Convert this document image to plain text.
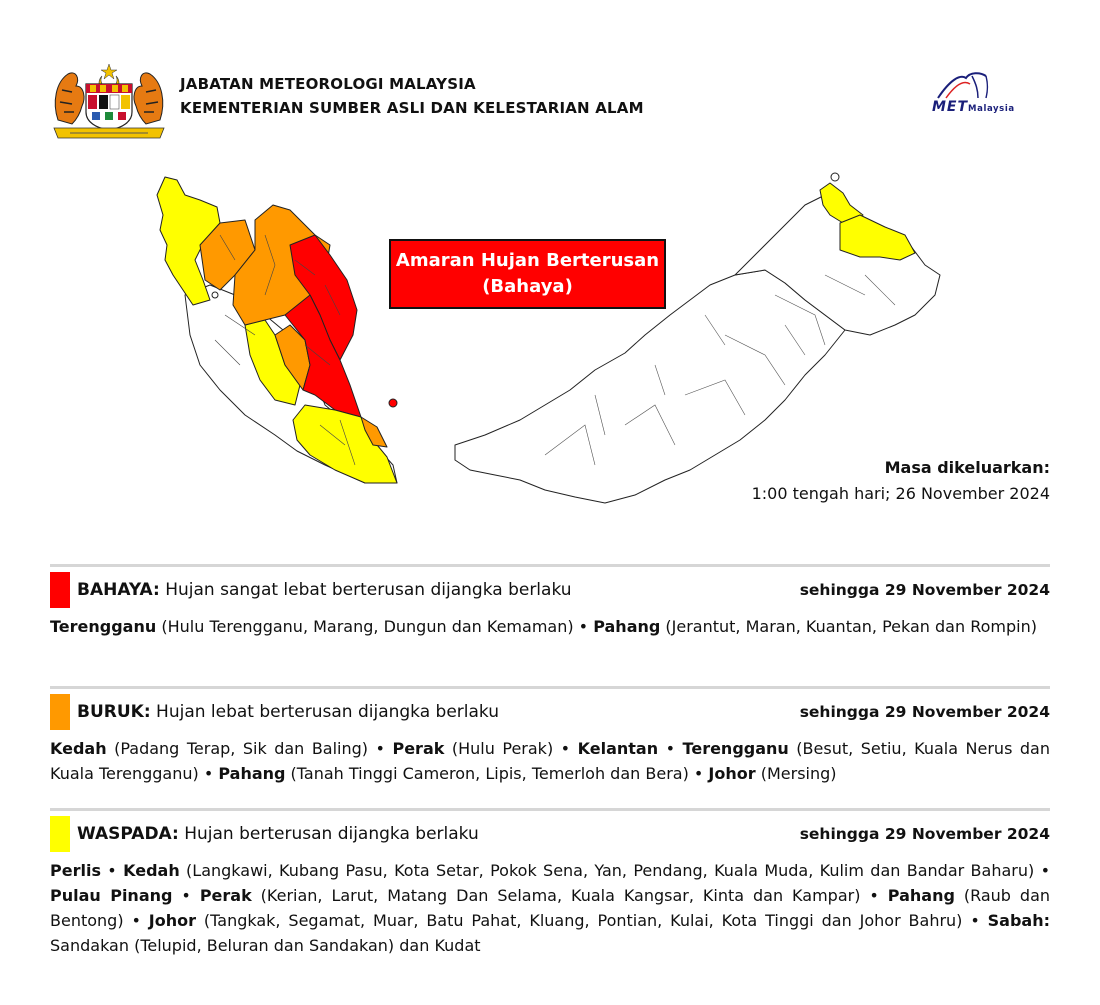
JABATAN METEOROLOGI MALAYSIA
KEMENTERIAN SUMBER ASLI DAN KELESTARIAN ALAM	METMalaysia
Amaran Hujan Berterusan
(Bahaya)
Masa dikeluarkan:
1:00 tengah hari; 26 November 2024
BAHAYA: Hujan sangat lebat berterusan dijangka berlaku	sehingga 29 November 2024
Terengganu (Hulu Terengganu, Marang, Dungun dan Kemaman) • Pahang (Jerantut, Maran, Kuantan, Pekan dan Rompin)
BURUK: Hujan lebat berterusan dijangka berlaku	sehingga 29 November 2024
Kedah (Padang Terap, Sik dan Baling) • Perak (Hulu Perak) • Kelantan • Terengganu (Besut, Setiu, Kuala Nerus dan Kuala Terengganu) • Pahang (Tanah Tinggi Cameron, Lipis, Temerloh dan Bera) • Johor (Mersing)
WASPADA: Hujan berterusan dijangka berlaku	sehingga 29 November 2024
Perlis • Kedah (Langkawi, Kubang Pasu, Kota Setar, Pokok Sena, Yan, Pendang, Kuala Muda, Kulim dan Bandar Baharu) • Pulau Pinang • Perak (Kerian, Larut, Matang Dan Selama, Kuala Kangsar, Kinta dan Kampar) • Pahang (Raub dan Bentong) • Johor (Tangkak, Segamat, Muar, Batu Pahat, Kluang, Pontian, Kulai, Kota Tinggi dan Johor Bahru) • Sabah: Sandakan (Telupid, Beluran dan Sandakan) dan Kudat
